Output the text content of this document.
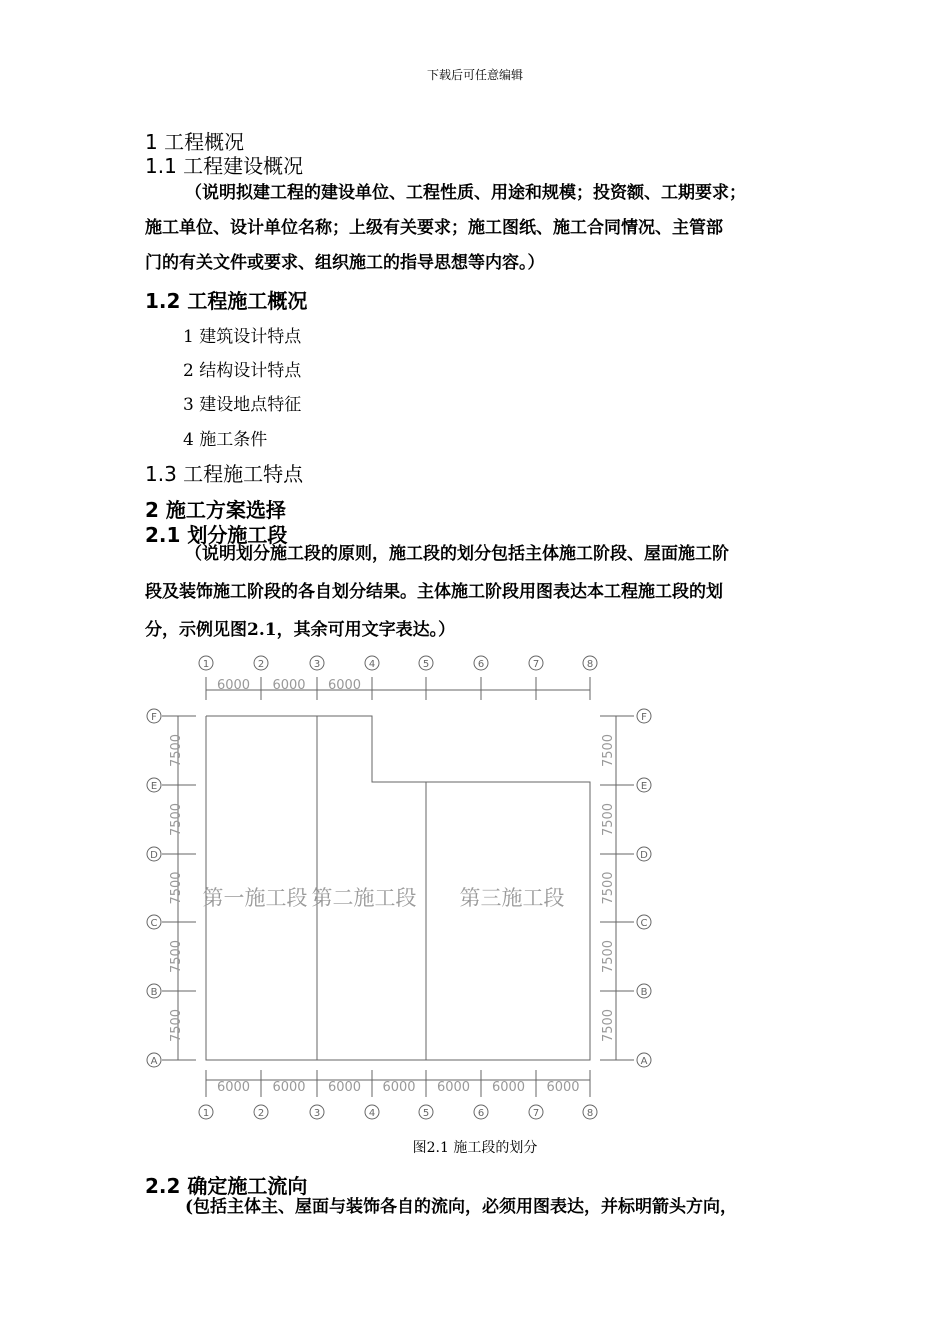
下载后可任意编辑
1 工程概况
1.1 工程建设概况
（说明拟建工程的建设单位、工程性质、用途和规模；投资额、工期要求；
施工单位、设计单位名称；上级有关要求；施工图纸、施工合同情况、主管部
门的有关文件或要求、组织施工的指导思想等内容。）
1.2 工程施工概况
1 建筑设计特点
2 结构设计特点
3 建设地点特征
4 施工条件
1.3 工程施工特点
2 施工方案选择
2.1 划分施工段
（说明划分施工段的原则，施工段的划分包括主体施工阶段、屋面施工阶
段及装饰施工阶段的各自划分结果。主体施工阶段用图表达本工程施工段的划
分，示例见图2.1，其余可用文字表达。）
1
1
2
2
3
3
4
4
5
5
6
6
7
7
8
8
F	F
E	E
D	D
C	C
B	B
A	A
6000 6000 6000
6000 6000 6000 6000 6000 6000 6000
7500	7500
7500	7500
7500	7500
7500	7500
7500	7500
第一施工段 第二施工段 第三施工段
图2.1 施工段的划分
2.2 确定施工流向
(包括主体主、屋面与装饰各自的流向，必须用图表达，并标明箭头方向，
